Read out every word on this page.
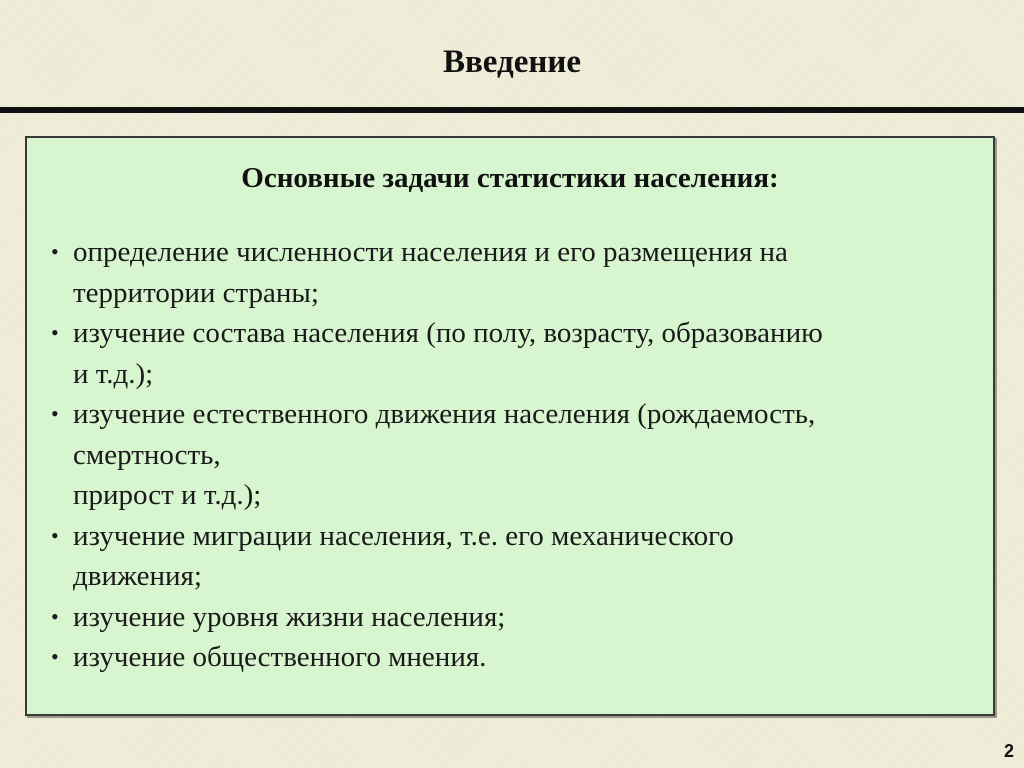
Введение
Основные задачи статистики населения:
• определение численности населения и его размещения на
территории страны;
• изучение состава населения (по полу, возрасту, образованию
и т.д.);
• изучение естественного движения населения (рождаемость,
смертность,
прирост и т.д.);
• изучение миграции населения, т.е. его механического
движения;
• изучение уровня жизни населения;
• изучение общественного мнения.
2
